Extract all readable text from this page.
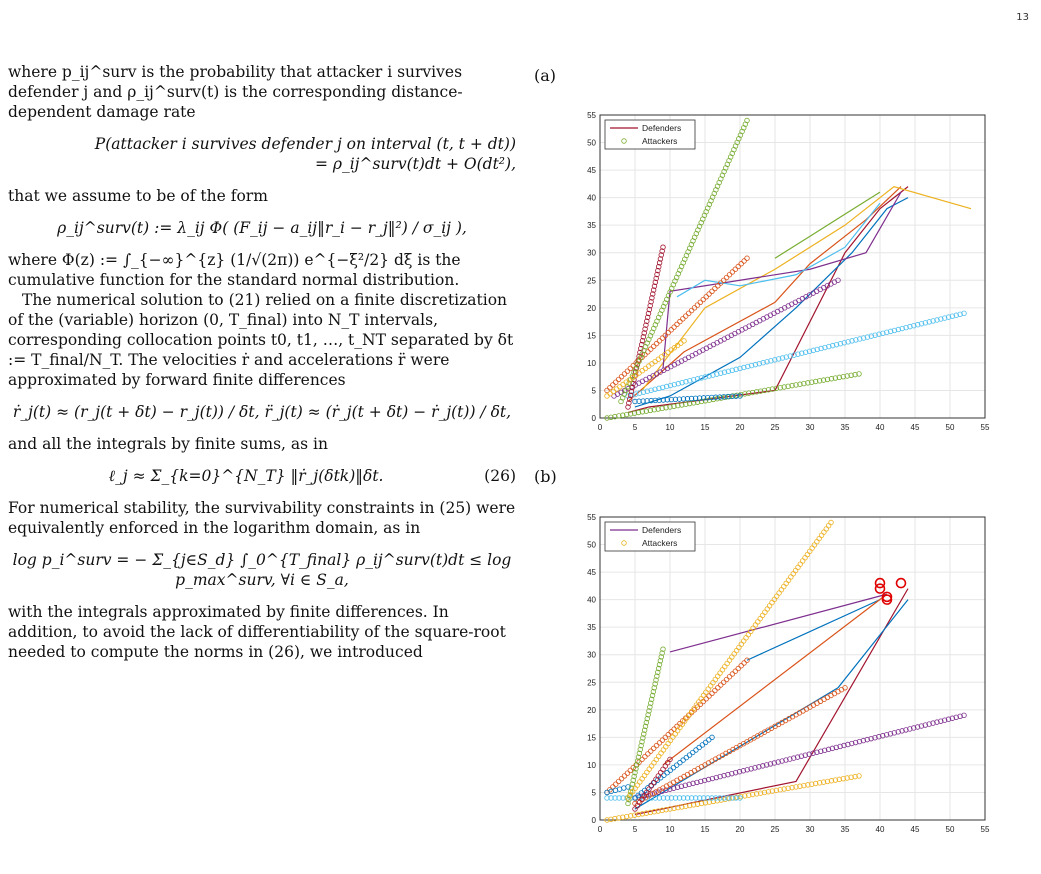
13

where p_ij^surv is the probability that attacker i survives defender j and ρ_ij^surv(t) is the corresponding distance-dependent damage rate

P(attacker i survives defender j on interval (t, t + dt))
= ρ_ij^surv(t)dt + O(dt²),

that we assume to be of the form

ρ_ij^surv(t) := λ_ij Φ( (F_ij − a_ij‖r_i − r_j‖²) / σ_ij ),

where Φ(z) := ∫_{−∞}^{z} (1/√(2π)) e^{−ξ²/2} dξ is the cumulative function for the standard normal distribution.

The numerical solution to (21) relied on a finite discretization of the (variable) horizon (0, T_final) into N_T intervals, corresponding collocation points t0, t1, …, t_NT separated by δt := T_final/N_T. The velocities ṙ and accelerations r̈ were approximated by forward finite differences

ṙ_j(t) ≈ (r_j(t + δt) − r_j(t)) / δt, r̈_j(t) ≈ (ṙ_j(t + δt) − ṙ_j(t)) / δt,

and all the integrals by finite sums, as in

(26)
ℓ_j ≈ Σ_{k=0}^{N_T} ‖ṙ_j(δtk)‖δt.

For numerical stability, the survivability constraints in (25) were equivalently enforced in the logarithm domain, as in

log p_i^surv = − Σ_{j∈S_d} ∫_0^{T_final} ρ_ij^surv(t)dt ≤ log p_max^surv, ∀i ∈ S_a,

with the integrals approximated by finite differences. In addition, to avoid the lack of differentiability of the square-root needed to compute the norms in (26), we introduced

(a)
(b)
0	5	10	15	20	25	30	35	40	45	50	55
0
5
10
15
20
25
30
35
40
45
50
55
Defenders
Attackers
0	5	10	15	20	25	30	35	40	45	50	55
0
5
10
15
20
25
30
35
40
45
50
55
Defenders
Attackers
